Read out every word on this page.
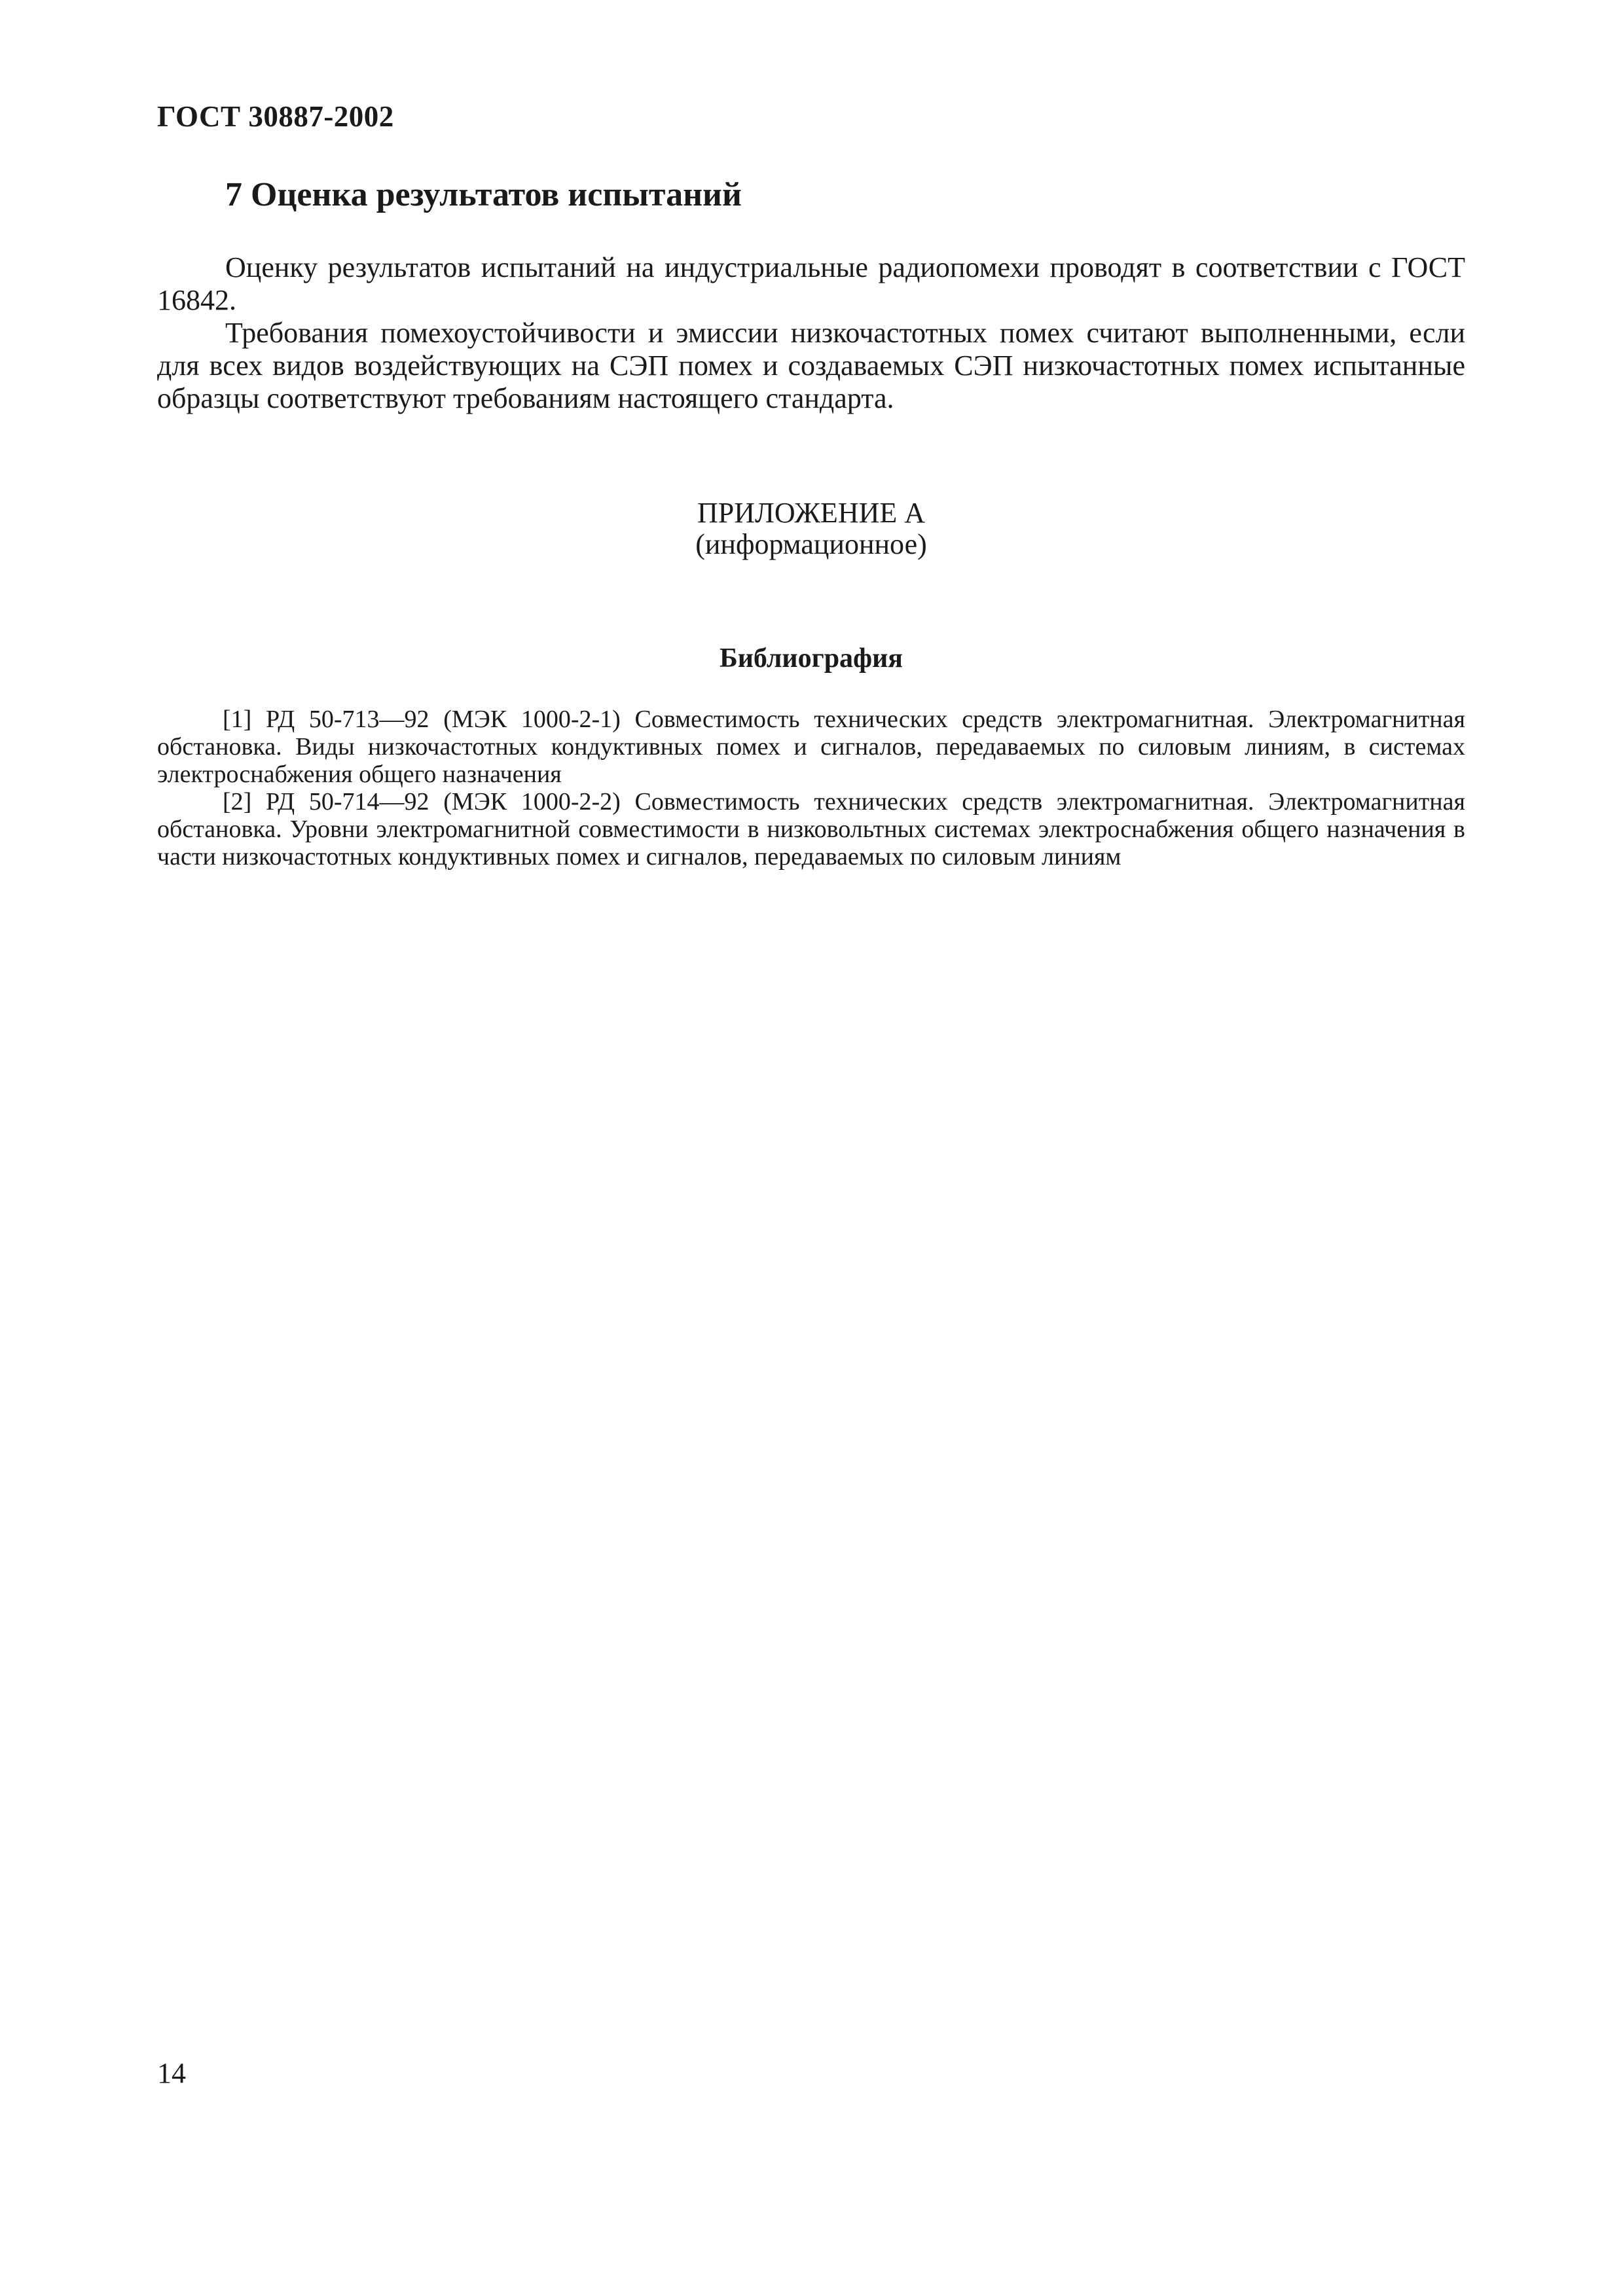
ГОСТ 30887-2002
7 Оценка результатов испытаний

Оценку результатов испытаний на индустриальные радиопомехи проводят в соответствии с ГОСТ 16842.

Требования помехоустойчивости и эмиссии низкочастотных помех считают выполненными, если для всех видов воздействующих на СЭП помех и создаваемых СЭП низкочастотных помех испытанные образцы соответствуют требованиям настоящего стандарта.

ПРИЛОЖЕНИЕ А
(информационное)
Библиография

[1] РД 50-713—92 (МЭК 1000-2-1) Совместимость технических средств электромагнитная. Электромагнитная обстановка. Виды низкочастотных кондуктивных помех и сигналов, передаваемых по силовым линиям, в системах электроснабжения общего назначения

[2] РД 50-714—92 (МЭК 1000-2-2) Совместимость технических средств электромагнитная. Электромагнитная обстановка. Уровни электромагнитной совместимости в низковольтных системах электроснабжения общего назначения в части низкочастотных кондуктивных помех и сигналов, передаваемых по силовым линиям

14
